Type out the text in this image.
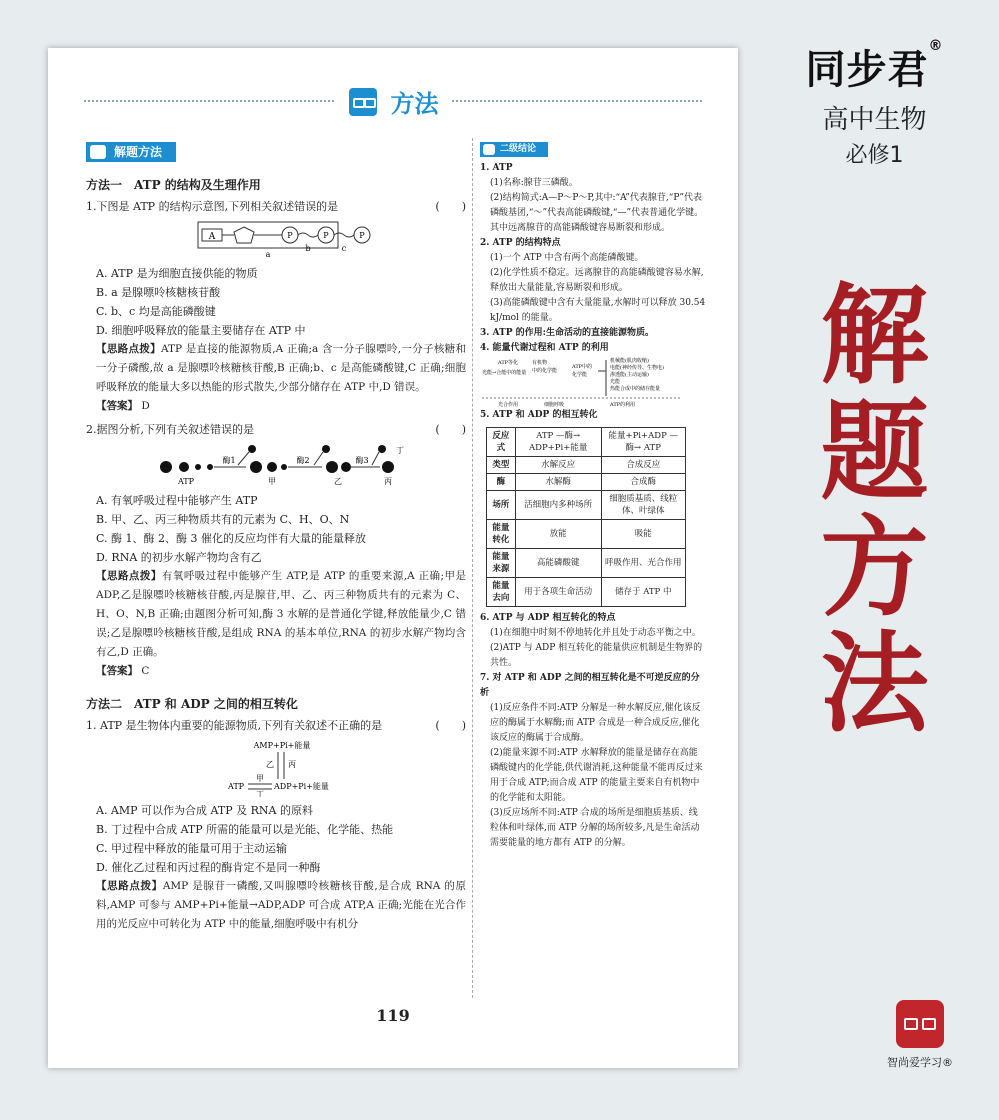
方法
解题方法

方法一　ATP 的结构及生理作用

1.下图是 ATP 的结构示意图,下列相关叙述错误的是	(　　)

A	P	P	P
a
b	c

A. ATP 是为细胞直接供能的物质

B. a 是腺嘌呤核糖核苷酸

C. b、c 均是高能磷酸键

D. 细胞呼吸释放的能量主要储存在 ATP 中

【思路点拨】ATP 是直接的能源物质,A 正确;a 含一分子腺嘌呤,一分子核糖和一分子磷酸,故 a 是腺嘌呤核糖核苷酸,B 正确;b、c 是高能磷酸键,C 正确;细胞呼吸释放的能量大多以热能的形式散失,少部分储存在 ATP 中,D 错误。

【答案】 D

2.据图分析,下列有关叙述错误的是	(　　)

ATP	甲	乙	丙
酶1	酶2	酶3
丁

A. 有氧呼吸过程中能够产生 ATP

B. 甲、乙、丙三种物质共有的元素为 C、H、O、N

C. 酶 1、酶 2、酶 3 催化的反应均伴有大量的能量释放

D. RNA 的初步水解产物均含有乙

【思路点拨】有氧呼吸过程中能够产生 ATP,是 ATP 的重要来源,A 正确;甲是 ADP,乙是腺嘌呤核糖核苷酸,丙是腺苷,甲、乙、丙三种物质共有的元素为 C、H、O、N,B 正确;由题图分析可知,酶 3 水解的是普通化学键,释放能量少,C 错误;乙是腺嘌呤核糖核苷酸,是组成 RNA 的基本单位,RNA 的初步水解产物均含有乙,D 正确。

【答案】 C

方法二　ATP 和 ADP 之间的相互转化

1. ATP 是生物体内重要的能源物质,下列有关叙述不正确的是	(　　)

AMP+Pi+能量
乙 丙
ATP
甲
丁
ADP+Pi+能量

A. AMP 可以作为合成 ATP 及 RNA 的原料

B. 丁过程中合成 ATP 所需的能量可以是光能、化学能、热能

C. 甲过程中释放的能量可用于主动运输

D. 催化乙过程和丙过程的酶肯定不是同一种酶

【思路点拨】AMP 是腺苷一磷酸,又叫腺嘌呤核糖核苷酸,是合成 RNA 的原料,AMP 可参与 AMP+Pi+能量→ADP,ADP 可合成 ATP,A 正确;光能在光合作用的光反应中可转化为 ATP 中的能量,细胞呼吸中有机分

二级结论

1. ATP

(1)名称:腺苷三磷酸。

(2)结构简式:A—P～P～P,其中:“A”代表腺苷,“P”代表磷酸基团,“～”代表高能磷酸键,“—”代表普通化学键。其中远离腺苷的高能磷酸键容易断裂和形成。

2. ATP 的结构特点

(1)一个 ATP 中含有两个高能磷酸键。

(2)化学性质不稳定。远离腺苷的高能磷酸键容易水解,释放出大量能量,容易断裂和形成。

(3)高能磷酸键中含有大量能量,水解时可以释放 30.54 kJ/mol 的能量。

3. ATP 的作用:生命活动的直接能源物质。

4. 能量代谢过程和 ATP 的利用

ATP等化
光能→合能中的能量
有机物
中的化学能
ATP中的
化学能
机械能(肌肉收缩)
电能(神经传导、生物电)
渗透能(主动运输)
光能
热能合成中的储存能量
光合作用	细胞呼吸	ATP的利用

5. ATP 和 ADP 的相互转化

反应式	ATP —酶→ ADP+Pi+能量	能量+Pi+ADP —酶→ ATP
类型	水解反应	合成反应
酶	水解酶	合成酶
场所	活细胞内多种场所	细胞质基质、线粒体、叶绿体
能量转化	放能	吸能
能量来源	高能磷酸键	呼吸作用、光合作用
能量去向	用于各项生命活动	储存于 ATP 中

6. ATP 与 ADP 相互转化的特点

(1)在细胞中时刻不停地转化并且处于动态平衡之中。

(2)ATP 与 ADP 相互转化的能量供应机制是生物界的共性。

7. 对 ATP 和 ADP 之间的相互转化是不可逆反应的分析

(1)反应条件不同:ATP 分解是一种水解反应,催化该反应的酶属于水解酶;而 ATP 合成是一种合成反应,催化该反应的酶属于合成酶。

(2)能量来源不同:ATP 水解释放的能量是储存在高能磷酸键内的化学能,供代谢消耗,这种能量不能再反过来用于合成 ATP;而合成 ATP 的能量主要来自有机物中的化学能和太阳能。

(3)反应场所不同:ATP 合成的场所是细胞质基质、线粒体和叶绿体,而 ATP 分解的场所较多,凡是生命活动需要能量的地方都有 ATP 的分解。

119
同步君®
高中生物
必修1
解
题
方
法
智尚爱学习®
